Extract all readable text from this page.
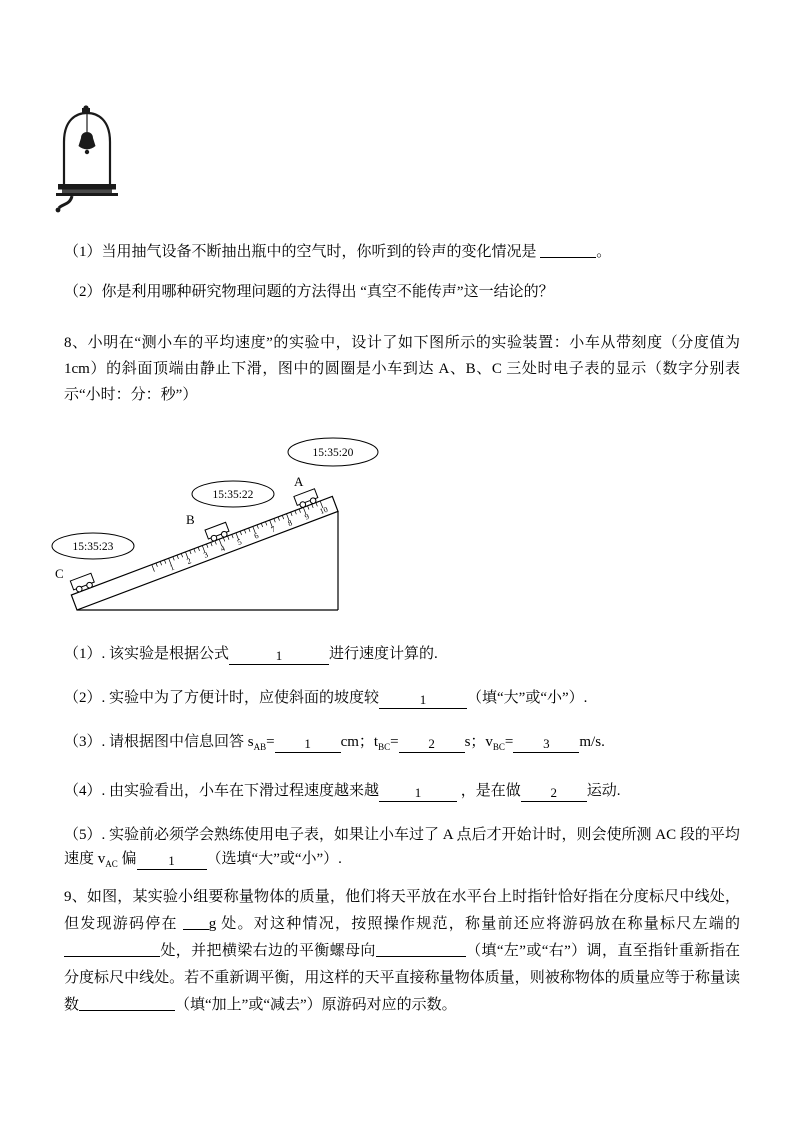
（1）当用抽气设备不断抽出瓶中的空气时，你听到的铃声的变化情况是	。

（2）你是利用哪种研究物理问题的方法得出 “真空不能传声”这一结论的？

8、小明在“测小车的平均速度”的实验中，设计了如下图所示的实验装置：小车从带刻度（分度值为1cm）的斜面顶端由静止下滑，图中的圆圈是小车到达 A、B、C 三处时电子表的显示（数字分别表示“小时：分：秒”）

1
2
3
4
5
6
7
8
9
10
15:35:20
15:35:22
15:35:23
A
B
C

（1）. 该实验是根据公式	1	进行速度计算的.

（2）. 实验中为了方便计时，应使斜面的坡度较	1	（填“大”或“小”）.

（3）. 请根据图中信息回答 $s_{AB}= 1$ cm；$t_{BC}= 2$ s；$v_{BC}= 3$ m/s.

（4）. 由实验看出，小车在下滑过程速度越来越	1 ，是在做 2 运动.

（5）. 实验前必须学会熟练使用电子表，如果让小车过了 A 点后才开始计时，则会使所测 AC 段的平均速度 $v_{AC}$ 偏 1 （选填“大”或“小”）.

9、如图，某实验小组要称量物体的质量，他们将天平放在水平台上时指针恰好指在分度标尺中线处，但发现游码停在 g 处。对这种情况，按照操作规范，称量前还应将游码放在称量标尺左端的处，并把横梁右边的平衡螺母向	（填“左”或“右”）调，直至指针重新指在分度标尺中线处。若不重新调平衡，用这样的天平直接称量物体质量，则被称物体的质量应等于称量读数	（填“加上”或“减去”）原游码对应的示数。
